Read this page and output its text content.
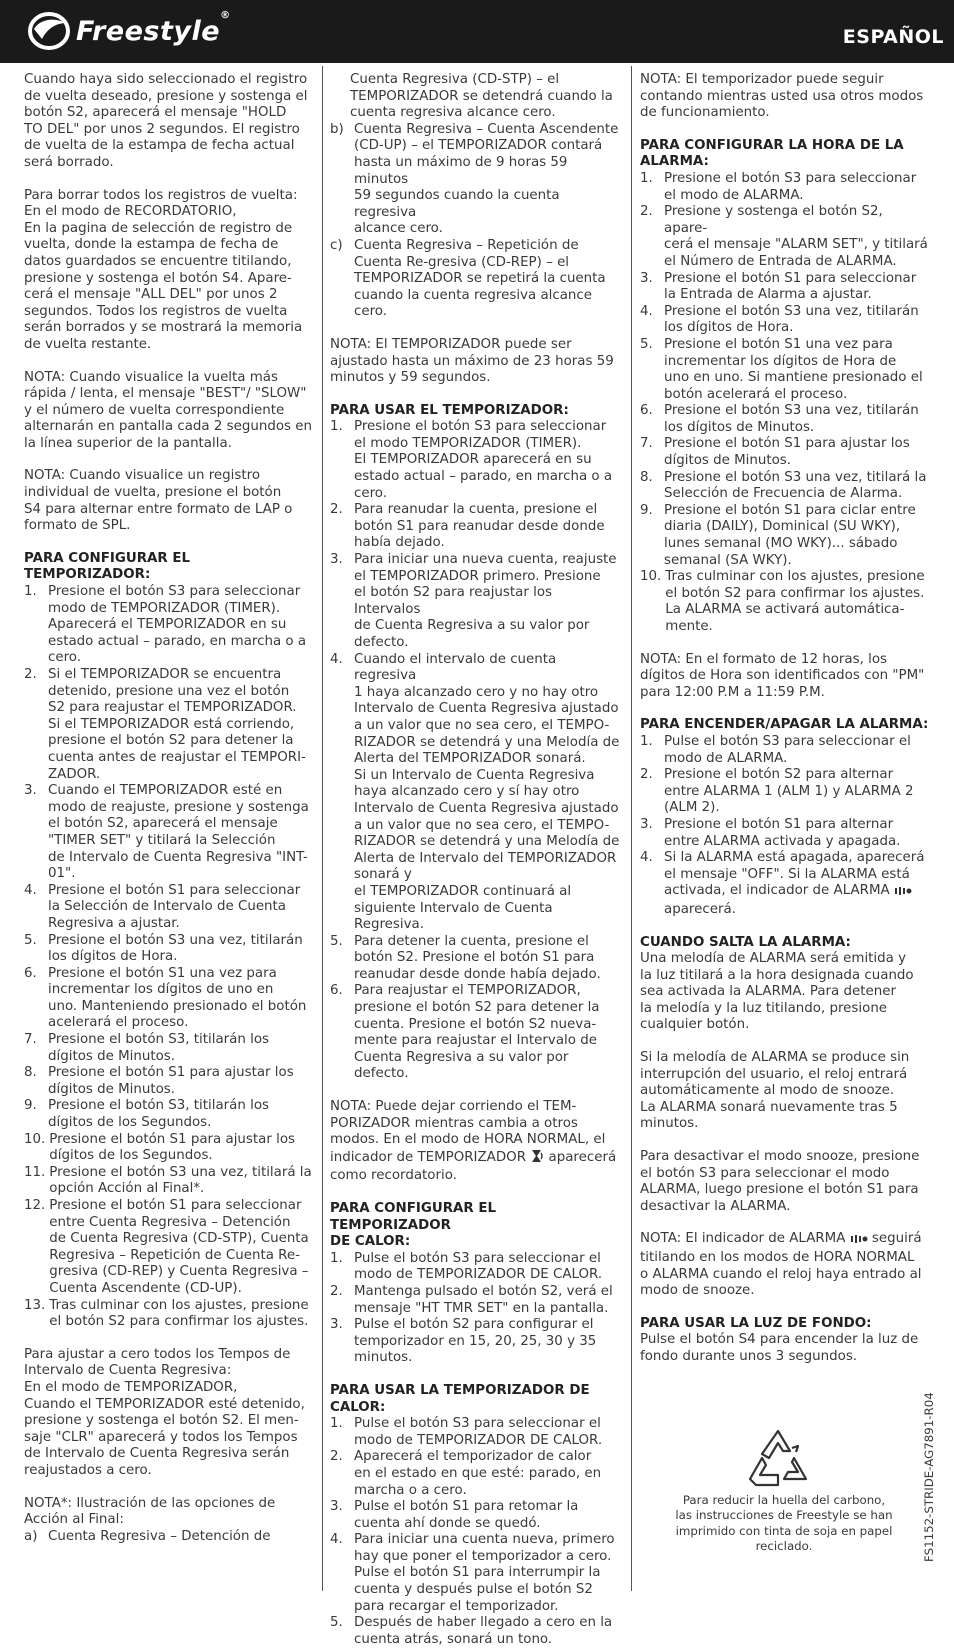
Freestyle®
ESPAÑOL

Cuando haya sido seleccionado el registro
de vuelta deseado, presione y sostenga el
botón S2, aparecerá el mensaje "HOLD
TO DEL" por unos 2 segundos. El registro
de vuelta de la estampa de fecha actual
será borrado.

Para borrar todos los registros de vuelta:
En el modo de RECORDATORIO,
En la pagina de selección de registro de
vuelta, donde la estampa de fecha de
datos guardados se encuentre titilando,
presione y sostenga el botón S4. Apare-
cerá el mensaje "ALL DEL" por unos 2
segundos. Todos los registros de vuelta
serán borrados y se mostrará la memoria
de vuelta restante.

NOTA: Cuando visualice la vuelta más
rápida / lenta, el mensaje "BEST"/ "SLOW"
y el número de vuelta correspondiente
alternarán en pantalla cada 2 segundos en
la línea superior de la pantalla.

NOTA: Cuando visualice un registro
individual de vuelta, presione el botón
S4 para alternar entre formato de LAP o
formato de SPL.

PARA CONFIGURAR EL TEMPORIZADOR:
1. Presione el botón S3 para seleccionar
modo de TEMPORIZADOR (TIMER).
Aparecerá el TEMPORIZADOR en su
estado actual – parado, en marcha o a
cero.
2. Si el TEMPORIZADOR se encuentra
detenido, presione una vez el botón
S2 para reajustar el TEMPORIZADOR.
Si el TEMPORIZADOR está corriendo,
presione el botón S2 para detener la
cuenta antes de reajustar el TEMPORI-
ZADOR.
3. Cuando el TEMPORIZADOR esté en
modo de reajuste, presione y sostenga
el botón S2, aparecerá el mensaje
"TIMER SET" y titilará la Selección
de Intervalo de Cuenta Regresiva "INT-
01".
4. Presione el botón S1 para seleccionar
la Selección de Intervalo de Cuenta
Regresiva a ajustar.
5. Presione el botón S3 una vez, titilarán
los dígitos de Hora.
6. Presione el botón S1 una vez para
incrementar los dígitos de uno en
uno. Manteniendo presionado el botón
acelerará el proceso.
7. Presione el botón S3, titilarán los
dígitos de Minutos.
8. Presione el botón S1 para ajustar los
dígitos de Minutos.
9. Presione el botón S3, titilarán los
dígitos de los Segundos.
10. Presione el botón S1 para ajustar los
dígitos de los Segundos.
11. Presione el botón S3 una vez, titilará la
opción Acción al Final*.
12. Presione el botón S1 para seleccionar
entre Cuenta Regresiva – Detención
de Cuenta Regresiva (CD-STP), Cuenta
Regresiva – Repetición de Cuenta Re-
gresiva (CD-REP) y Cuenta Regresiva –
Cuenta Ascendente (CD-UP).
13. Tras culminar con los ajustes, presione
el botón S2 para confirmar los ajustes.

Para ajustar a cero todos los Tempos de
Intervalo de Cuenta Regresiva:
En el modo de TEMPORIZADOR,
Cuando el TEMPORIZADOR esté detenido,
presione y sostenga el botón S2. El men-
saje "CLR" aparecerá y todos los Tempos
de Intervalo de Cuenta Regresiva serán
reajustados a cero.

NOTA*: Ilustración de las opciones de
Acción al Final:

a) Cuenta Regresiva – Detención de
Cuenta Regresiva (CD-STP) – el
TEMPORIZADOR se detendrá cuando la
cuenta regresiva alcance cero.
b) Cuenta Regresiva – Cuenta Ascendente
(CD-UP) – el TEMPORIZADOR contará
hasta un máximo de 9 horas 59 minutos
59 segundos cuando la cuenta regresiva
alcance cero.
c) Cuenta Regresiva – Repetición de
Cuenta Re-gresiva (CD-REP) – el
TEMPORIZADOR se repetirá la cuenta
cuando la cuenta regresiva alcance
cero.

NOTA: El TEMPORIZADOR puede ser
ajustado hasta un máximo de 23 horas 59
minutos y 59 segundos.

PARA USAR EL TEMPORIZADOR:
1. Presione el botón S3 para seleccionar
el modo TEMPORIZADOR (TIMER).
El TEMPORIZADOR aparecerá en su
estado actual – parado, en marcha o a
cero.
2. Para reanudar la cuenta, presione el
botón S1 para reanudar desde donde
había dejado.
3. Para iniciar una nueva cuenta, reajuste
el TEMPORIZADOR primero. Presione
el botón S2 para reajustar los Intervalos
de Cuenta Regresiva a su valor por
defecto.
4. Cuando el intervalo de cuenta regresiva
1 haya alcanzado cero y no hay otro
Intervalo de Cuenta Regresiva ajustado
a un valor que no sea cero, el TEMPO-
RIZADOR se detendrá y una Melodía de
Alerta del TEMPORIZADOR sonará.
Si un Intervalo de Cuenta Regresiva
haya alcanzado cero y sí hay otro
Intervalo de Cuenta Regresiva ajustado
a un valor que no sea cero, el TEMPO-
RIZADOR se detendrá y una Melodía de
Alerta de Intervalo del TEMPORIZADOR
sonará y
el TEMPORIZADOR continuará al
siguiente Intervalo de Cuenta Regresiva.
5. Para detener la cuenta, presione el
botón S2. Presione el botón S1 para
reanudar desde donde había dejado.
6. Para reajustar el TEMPORIZADOR,
presione el botón S2 para detener la
cuenta. Presione el botón S2 nueva-
mente para reajustar el Intervalo de
Cuenta Regresiva a su valor por defecto.

NOTA: Puede dejar corriendo el TEM-
PORIZADOR mientras cambia a otros
modos. En el modo de HORA NORMAL, el
indicador de TEMPORIZADOR  aparecerá
como recordatorio.

PARA CONFIGURAR EL TEMPORIZADOR
DE CALOR:
1. Pulse el botón S3 para seleccionar el
modo de TEMPORIZADOR DE CALOR.
2. Mantenga pulsado el botón S2, verá el
mensaje "HT TMR SET" en la pantalla.
3. Pulse el botón S2 para configurar el
temporizador en 15, 20, 25, 30 y 35
minutos.
PARA USAR LA TEMPORIZADOR DE
CALOR:
1. Pulse el botón S3 para seleccionar el
modo de TEMPORIZADOR DE CALOR.
2. Aparecerá el temporizador de calor
en el estado en que esté: parado, en
marcha o a cero.
3. Pulse el botón S1 para retomar la
cuenta ahí donde se quedó.
4. Para iniciar una cuenta nueva, primero
hay que poner el temporizador a cero.
Pulse el botón S1 para interrumpir la
cuenta y después pulse el botón S2
para recargar el temporizador.
5. Después de haber llegado a cero en la
cuenta atrás, sonará un tono.

NOTA: El temporizador puede seguir
contando mientras usted usa otros modos
de funcionamiento.

PARA CONFIGURAR LA HORA DE LA
ALARMA:
1. Presione el botón S3 para seleccionar
el modo de ALARMA.
2. Presione y sostenga el botón S2, apare-
cerá el mensaje "ALARM SET", y titilará
el Número de Entrada de ALARMA.
3. Presione el botón S1 para seleccionar
la Entrada de Alarma a ajustar.
4. Presione el botón S3 una vez, titilarán
los dígitos de Hora.
5. Presione el botón S1 una vez para
incrementar los dígitos de Hora de
uno en uno. Si mantiene presionado el
botón acelerará el proceso.
6. Presione el botón S3 una vez, titilarán
los dígitos de Minutos.
7. Presione el botón S1 para ajustar los
dígitos de Minutos.
8. Presione el botón S3 una vez, titilará la
Selección de Frecuencia de Alarma.
9. Presione el botón S1 para ciclar entre
diaria (DAILY), Dominical (SU WKY),
lunes semanal (MO WKY)... sábado
semanal (SA WKY).
10. Tras culminar con los ajustes, presione
el botón S2 para confirmar los ajustes.
La ALARMA se activará automática-
mente.

NOTA: En el formato de 12 horas, los
dígitos de Hora son identificados con "PM"
para 12:00 P.M a 11:59 P.M.

PARA ENCENDER/APAGAR LA ALARMA:
1. Pulse el botón S3 para seleccionar el
modo de ALARMA.
2. Presione el botón S2 para alternar
entre ALARMA 1 (ALM 1) y ALARMA 2
(ALM 2).
3. Presione el botón S1 para alternar
entre ALARMA activada y apagada.
4. Si la ALARMA está apagada, aparecerá
el mensaje "OFF". Si la ALARMA está
activada, el indicador de ALARMA
aparecerá.
CUANDO SALTA LA ALARMA:

Una melodía de ALARMA será emitida y
la luz titilará a la hora designada cuando
sea activada la ALARMA. Para detener
la melodía y la luz titilando, presione
cualquier botón.

Si la melodía de ALARMA se produce sin
interrupción del usuario, el reloj entrará
automáticamente al modo de snooze.
La ALARMA sonará nuevamente tras 5
minutos.

Para desactivar el modo snooze, presione
el botón S3 para seleccionar el modo
ALARMA, luego presione el botón S1 para
desactivar la ALARMA.

NOTA: El indicador de ALARMA  seguirá
titilando en los modos de HORA NORMAL
o ALARMA cuando el reloj haya entrado al
modo de snooze.

PARA USAR LA LUZ DE FONDO:

Pulse el botón S4 para encender la luz de
fondo durante unos 3 segundos.

Para reducir la huella del carbono,
las instrucciones de Freestyle se han
imprimido con tinta de soja en papel
reciclado.	FS1152-STRIDE-AG7891-R04
